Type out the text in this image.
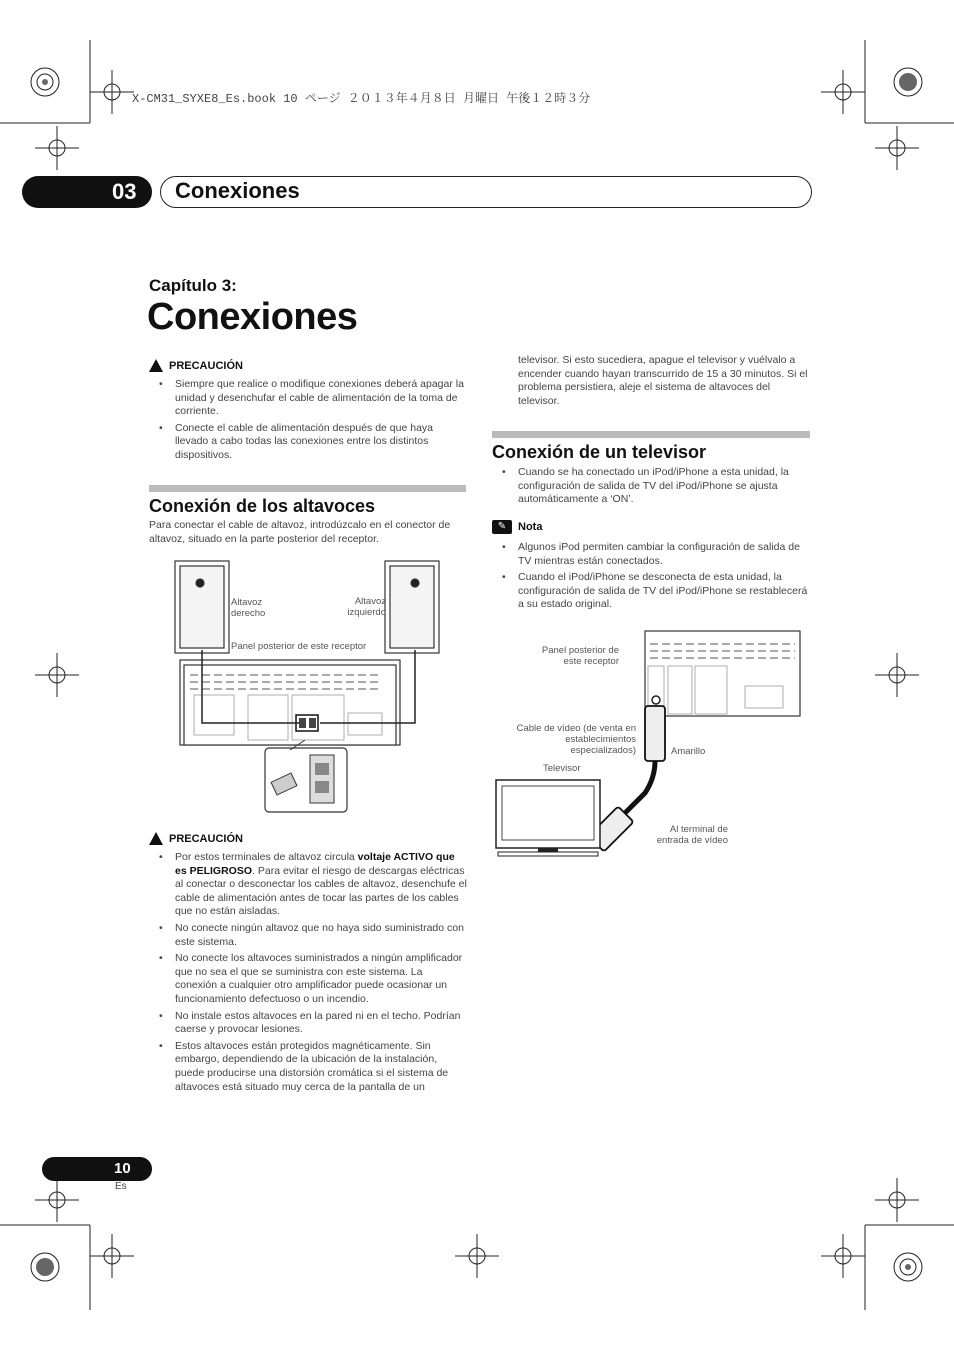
X-CM31_SYXE8_Es.book 10 ページ ２０１３年４月８日 月曜日 午後１２時３分
03 Conexiones
Capítulo 3:
Conexiones
PRECAUCIÓN
• Siempre que realice o modifique conexiones deberá apagar la unidad y desenchufar el cable de alimentación de la toma de corriente.
• Conecte el cable de alimentación después de que haya llevado a cabo todas las conexiones entre los distintos dispositivos.
Conexión de los altavoces
Para conectar el cable de altavoz, introdúzcalo en el conector de altavoz, situado en la parte posterior del receptor.
Altavoz derecho
Altavoz izquierdo
Panel posterior de este receptor
PRECAUCIÓN
• Por estos terminales de altavoz circula voltaje ACTIVO que es PELIGROSO. Para evitar el riesgo de descargas eléctricas al conectar o desconectar los cables de altavoz, desenchufe el cable de alimentación antes de tocar las partes de los cables que no están aisladas.
• No conecte ningún altavoz que no haya sido suministrado con este sistema.
• No conecte los altavoces suministrados a ningún amplificador que no sea el que se suministra con este sistema. La conexión a cualquier otro amplificador puede ocasionar un funcionamiento defectuoso o un incendio.
• No instale estos altavoces en la pared ni en el techo. Podrían caerse y provocar lesiones.
• Estos altavoces están protegidos magnéticamente. Sin embargo, dependiendo de la ubicación de la instalación, puede producirse una distorsión cromática si el sistema de altavoces está situado muy cerca de la pantalla de un
televisor. Si esto sucediera, apague el televisor y vuélvalo a encender cuando hayan transcurrido de 15 a 30 minutos. Si el problema persistiera, aleje el sistema de altavoces del televisor.
Conexión de un televisor
• Cuando se ha conectado un iPod/iPhone a esta unidad, la configuración de salida de TV del iPod/iPhone se ajusta automáticamente a ‘ON’.
✎	Nota
• Algunos iPod permiten cambiar la configuración de salida de TV mientras están conectados.
• Cuando el iPod/iPhone se desconecta de esta unidad, la configuración de salida de TV del iPod/iPhone se restablecerá a su estado original.
Panel posterior de este receptor
Cable de vídeo (de venta en establecimientos especializados)	Amarillo
Televisor
Al terminal de entrada de vídeo
10
Es
